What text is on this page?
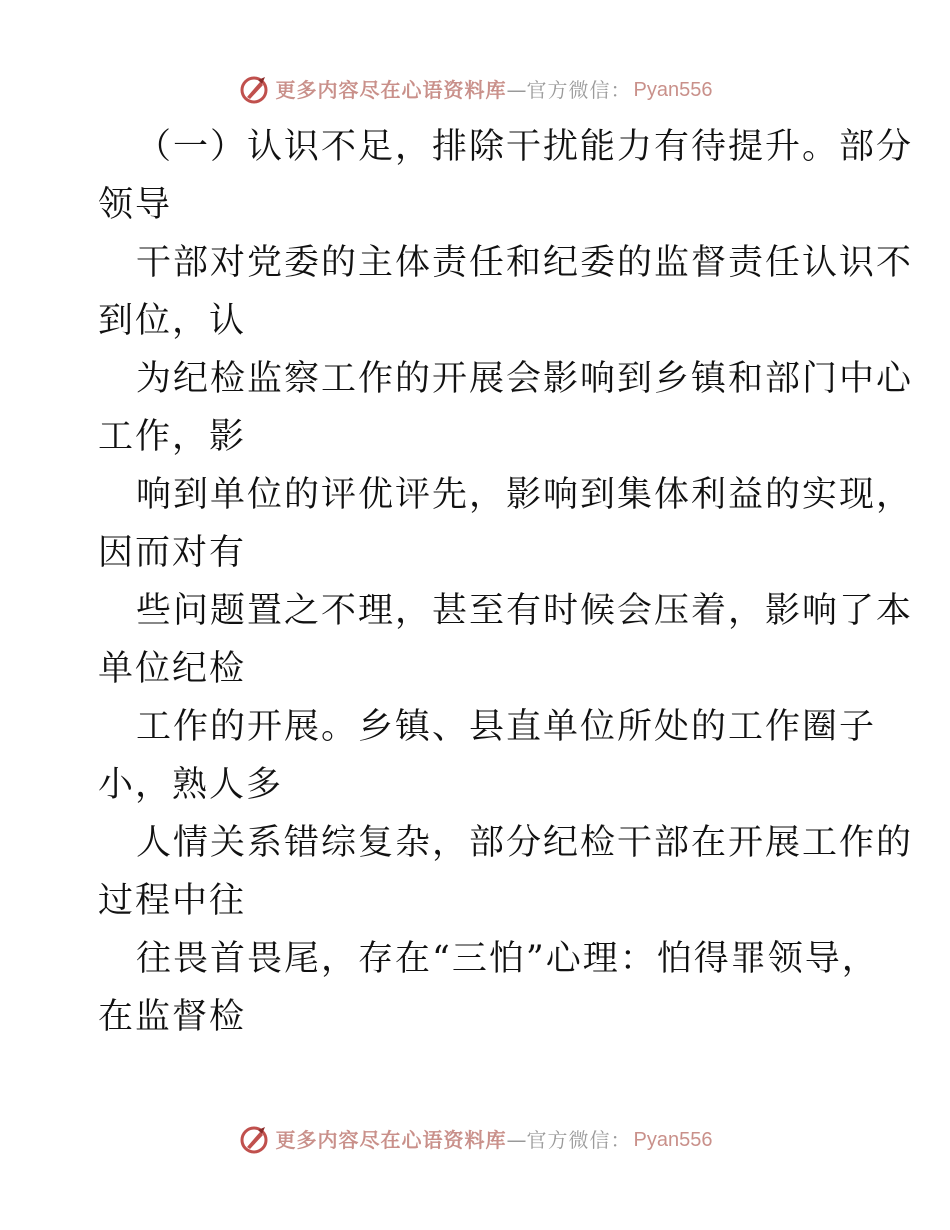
更多内容尽在心语资料库 — 官方微信： Pyan556
（一）认识不足，排除干扰能力有待提升。部分
领导
干部对党委的主体责任和纪委的监督责任认识不
到位，认
为纪检监察工作的开展会影响到乡镇和部门中心
工作，影
响到单位的评优评先，影响到集体利益的实现，
因而对有
些问题置之不理，甚至有时候会压着，影响了本
单位纪检
工作的开展。乡镇、县直单位所处的工作圈子
小，熟人多
人情关系错综复杂，部分纪检干部在开展工作的
过程中往
往畏首畏尾，存在“三怕”心理：怕得罪领导，
在监督检
更多内容尽在心语资料库 — 官方微信： Pyan556
